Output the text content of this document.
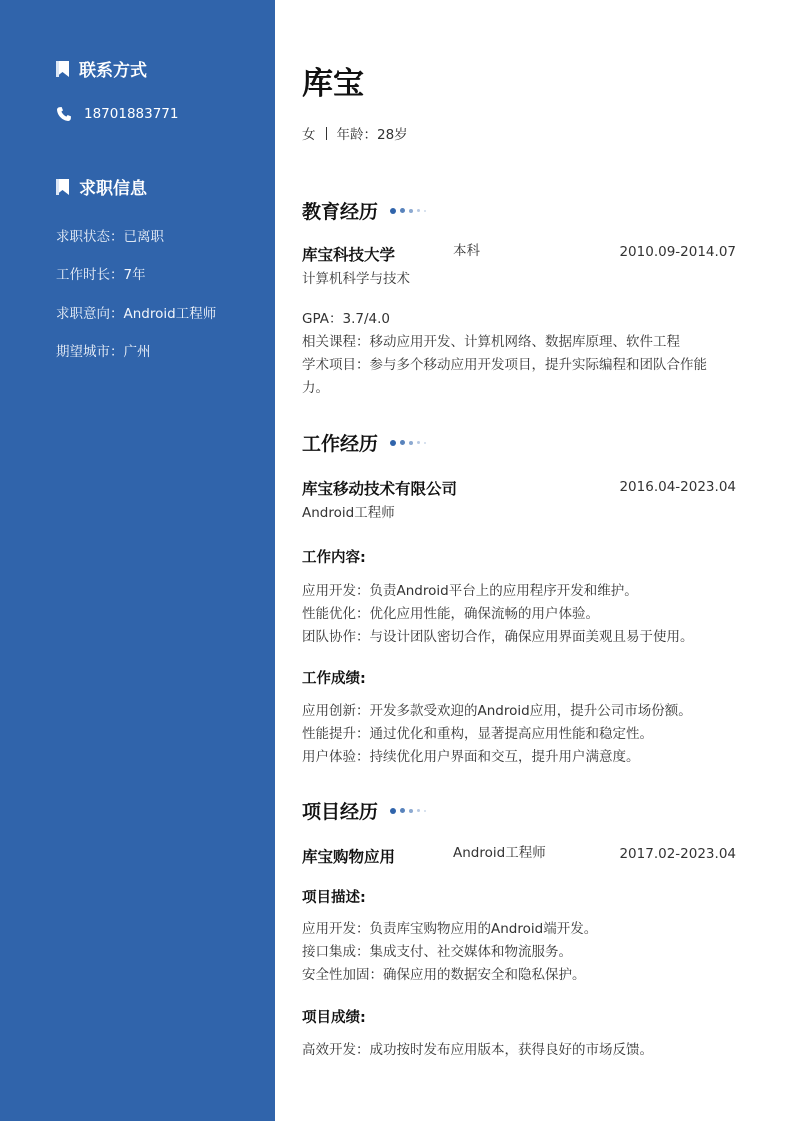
联系方式
18701883771
求职信息
求职状态：已离职
工作时长：7年
求职意向：Android工程师
期望城市：广州
库宝
女 年龄：28岁
教育经历
库宝科技大学	本科	2010.09-2014.07
计算机科学与技术
GPA：3.7/4.0
相关课程：移动应用开发、计算机网络、数据库原理、软件工程
学术项目：参与多个移动应用开发项目，提升实际编程和团队合作能
力。
工作经历
库宝移动技术有限公司	2016.04-2023.04
Android工程师
工作内容:
应用开发：负责Android平台上的应用程序开发和维护。
性能优化：优化应用性能，确保流畅的用户体验。
团队协作：与设计团队密切合作，确保应用界面美观且易于使用。
工作成绩:
应用创新：开发多款受欢迎的Android应用，提升公司市场份额。
性能提升：通过优化和重构，显著提高应用性能和稳定性。
用户体验：持续优化用户界面和交互，提升用户满意度。
项目经历
库宝购物应用	Android工程师	2017.02-2023.04
项目描述:
应用开发：负责库宝购物应用的Android端开发。
接口集成：集成支付、社交媒体和物流服务。
安全性加固：确保应用的数据安全和隐私保护。
项目成绩:
高效开发：成功按时发布应用版本，获得良好的市场反馈。
